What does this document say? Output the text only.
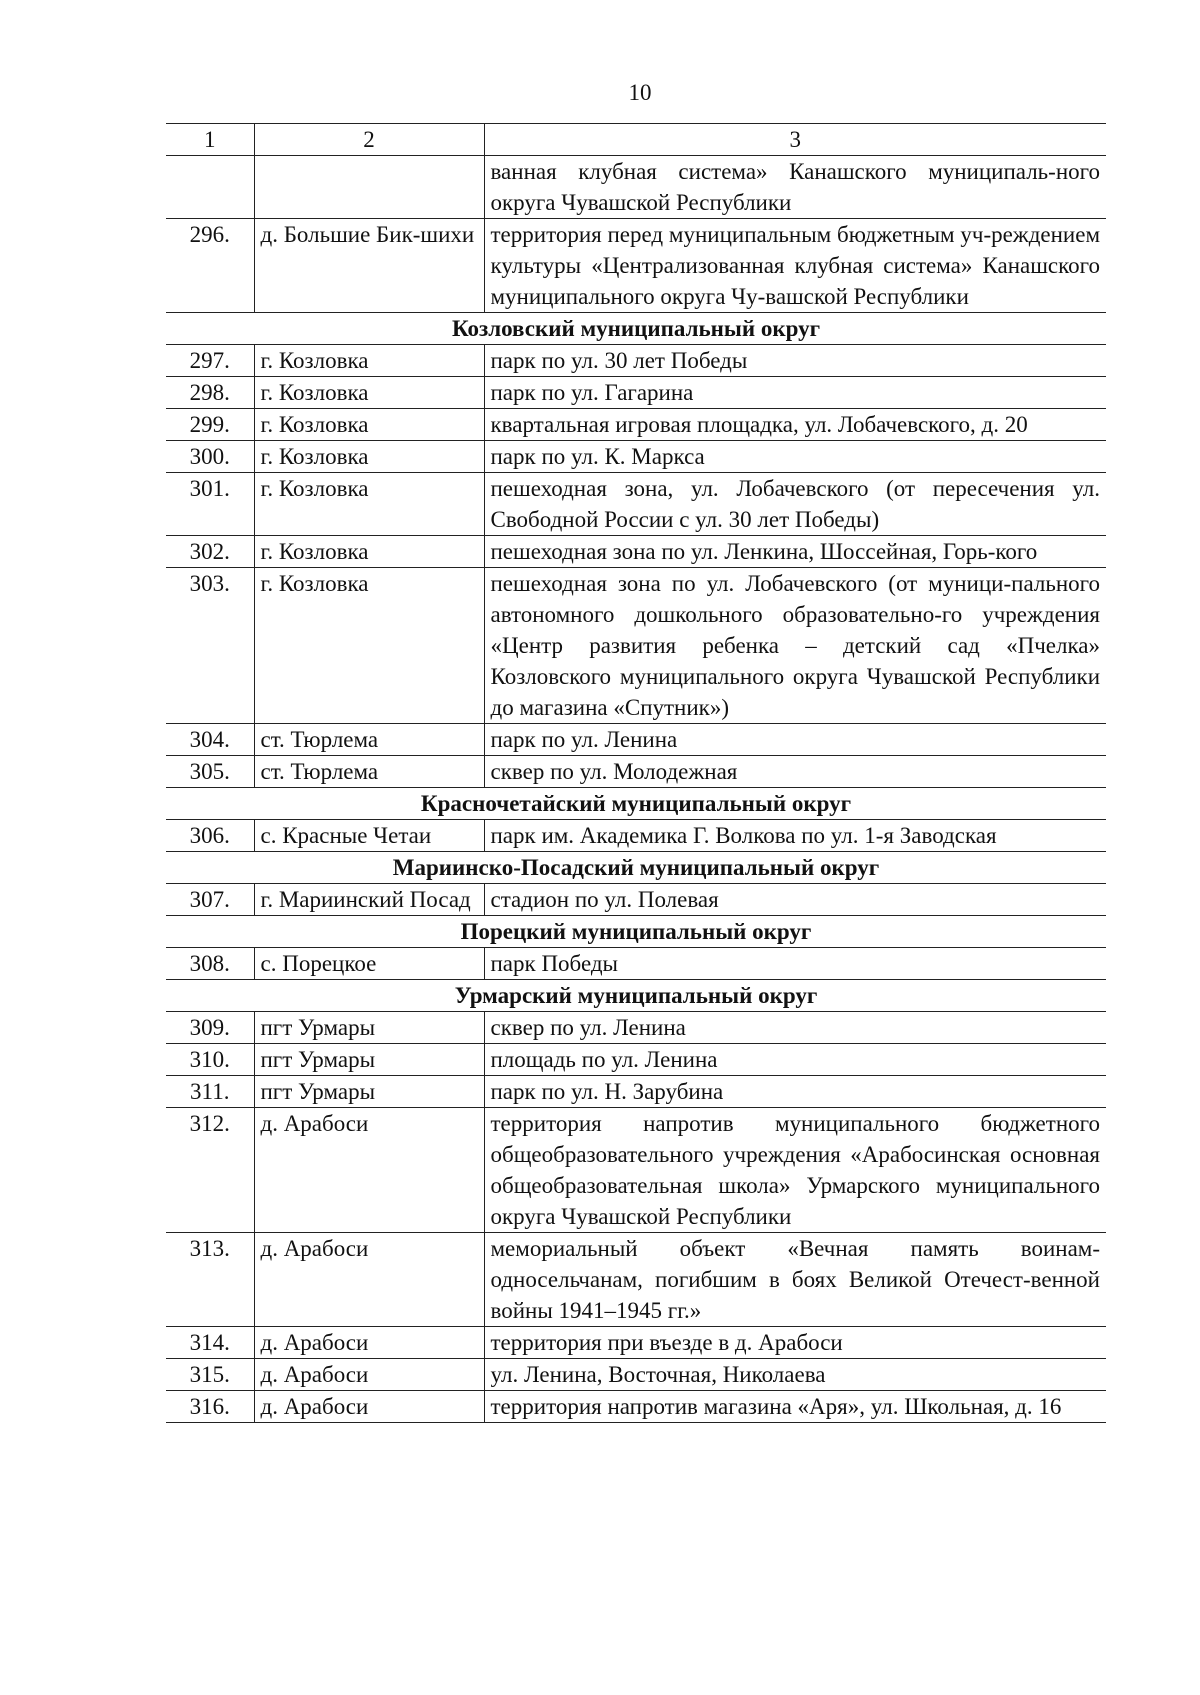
10
1	2	3
		ванная клубная система» Канашского муниципаль-ного округа Чувашской Республики
296.	д. Большие Бик-шихи	территория перед муниципальным бюджетным уч-реждением культуры «Централизованная клубная система» Канашского муниципального округа Чу-вашской Республики
Козловский муниципальный округ		
297.	г. Козловка	парк по ул. 30 лет Победы
298.	г. Козловка	парк по ул. Гагарина
299.	г. Козловка	квартальная игровая площадка, ул. Лобачевского, д. 20
300.	г. Козловка	парк по ул. К. Маркса
301.	г. Козловка	пешеходная зона, ул. Лобачевского (от пересечения ул. Свободной России с ул. 30 лет Победы)
302.	г. Козловка	пешеходная зона по ул. Ленкина, Шоссейная, Горь-кого
303.	г. Козловка	пешеходная зона по ул. Лобачевского (от муници-пального автономного дошкольного образовательно-го учреждения «Центр развития ребенка – детский сад «Пчелка» Козловского муниципального округа Чувашской Республики до магазина «Спутник»)
304.	ст. Тюрлема	парк по ул. Ленина
305.	ст. Тюрлема	сквер по ул. Молодежная
Красночетайский муниципальный округ		
306.	с. Красные Четаи	парк им. Академика Г. Волкова по ул. 1-я Заводская
Мариинско-Посадский муниципальный округ		
307.	г. Мариинский Посад	стадион по ул. Полевая
Порецкий муниципальный округ		
308.	с. Порецкое	парк Победы
Урмарский муниципальный округ		
309.	пгт Урмары	сквер по ул. Ленина
310.	пгт Урмары	площадь по ул. Ленина
311.	пгт Урмары	парк по ул. Н. Зарубина
312.	д. Арабоси	территория напротив муниципального бюджетного общеобразовательного учреждения «Арабосинская основная общеобразовательная школа» Урмарского муниципального округа Чувашской Республики
313.	д. Арабоси	мемориальный объект «Вечная память воинам-односельчанам, погибшим в боях Великой Отечест-венной войны 1941–1945 гг.»
314.	д. Арабоси	территория при въезде в д. Арабоси
315.	д. Арабоси	ул. Ленина, Восточная, Николаева
316.	д. Арабоси	территория напротив магазина «Аря», ул. Школьная, д. 16
